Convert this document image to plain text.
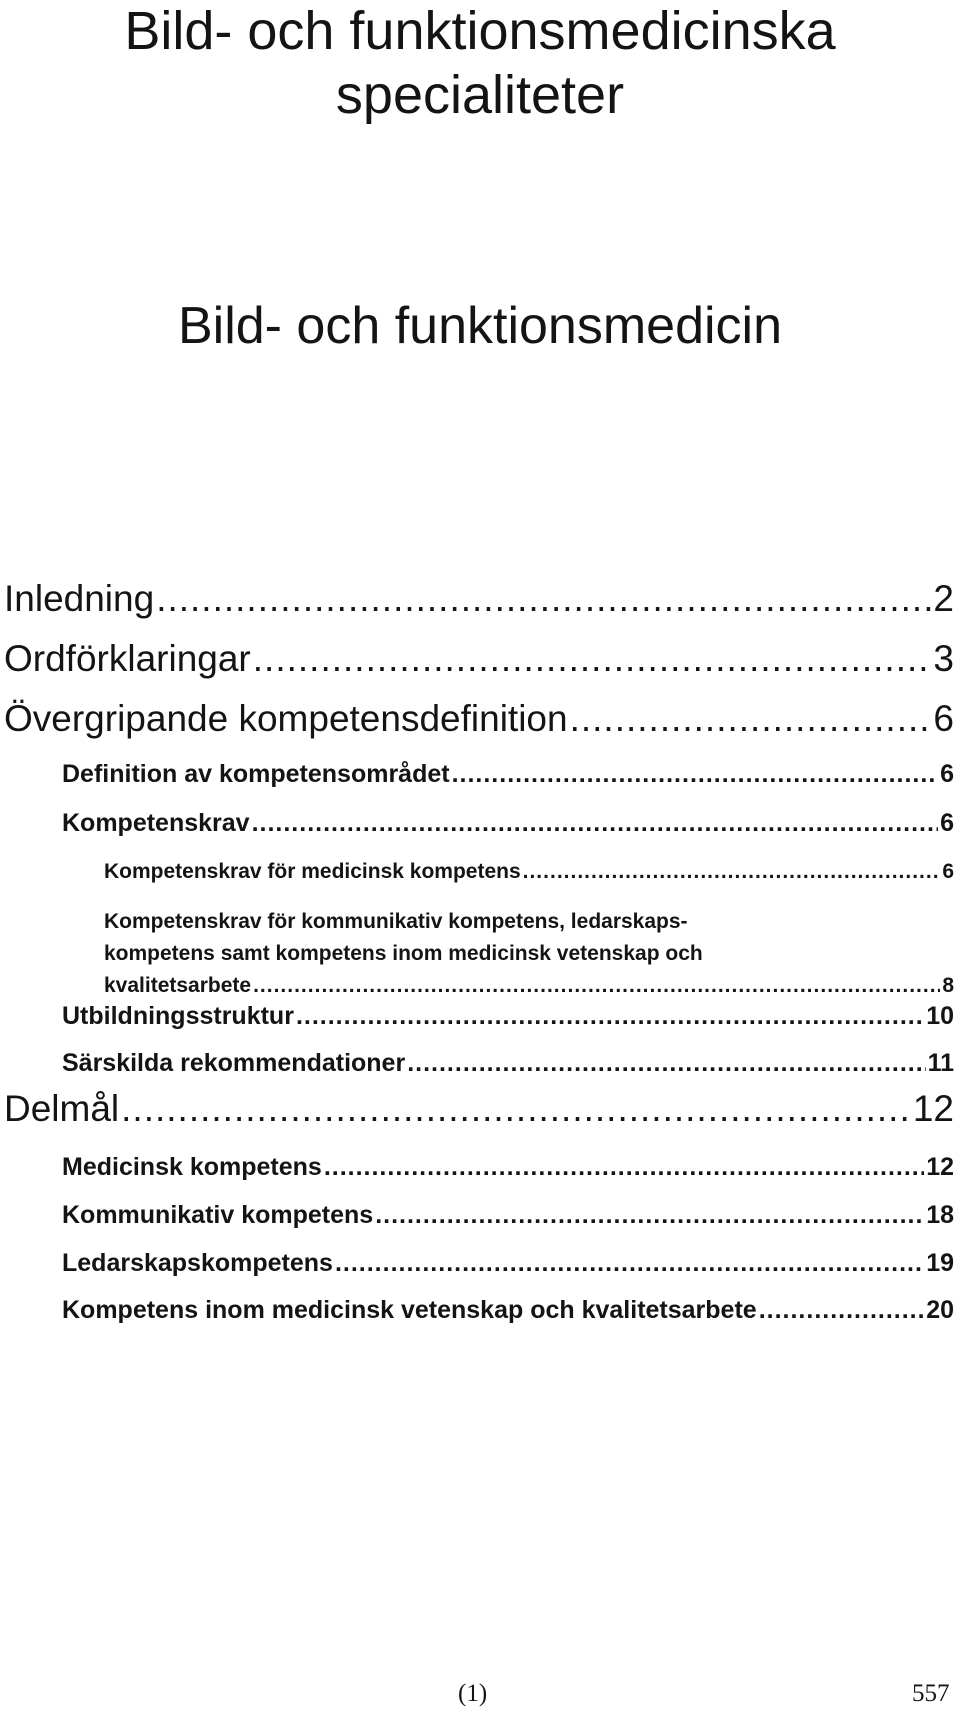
Bild- och funktionsmedicinska
specialiteter
Bild- och funktionsmedicin
Inledning .....	2
Ordförklaringar .....	3
Övergripande kompetensdefinition .....	6
Definition av kompetensområdet .....	6
Kompetenskrav .....	6
Kompetenskrav för medicinsk kompetens .....	6
Kompetenskrav för kommunikativ kompetens, ledarskaps-
kompetens samt kompetens inom medicinsk vetenskap och
kvalitetsarbete .....	8
Utbildningsstruktur .....	10
Särskilda rekommendationer .....	11
Delmål .....	12
Medicinsk kompetens .....	12
Kommunikativ kompetens .....	18
Ledarskapskompetens .....	19
Kompetens inom medicinsk vetenskap och kvalitetsarbete .....	20
(1)	557
